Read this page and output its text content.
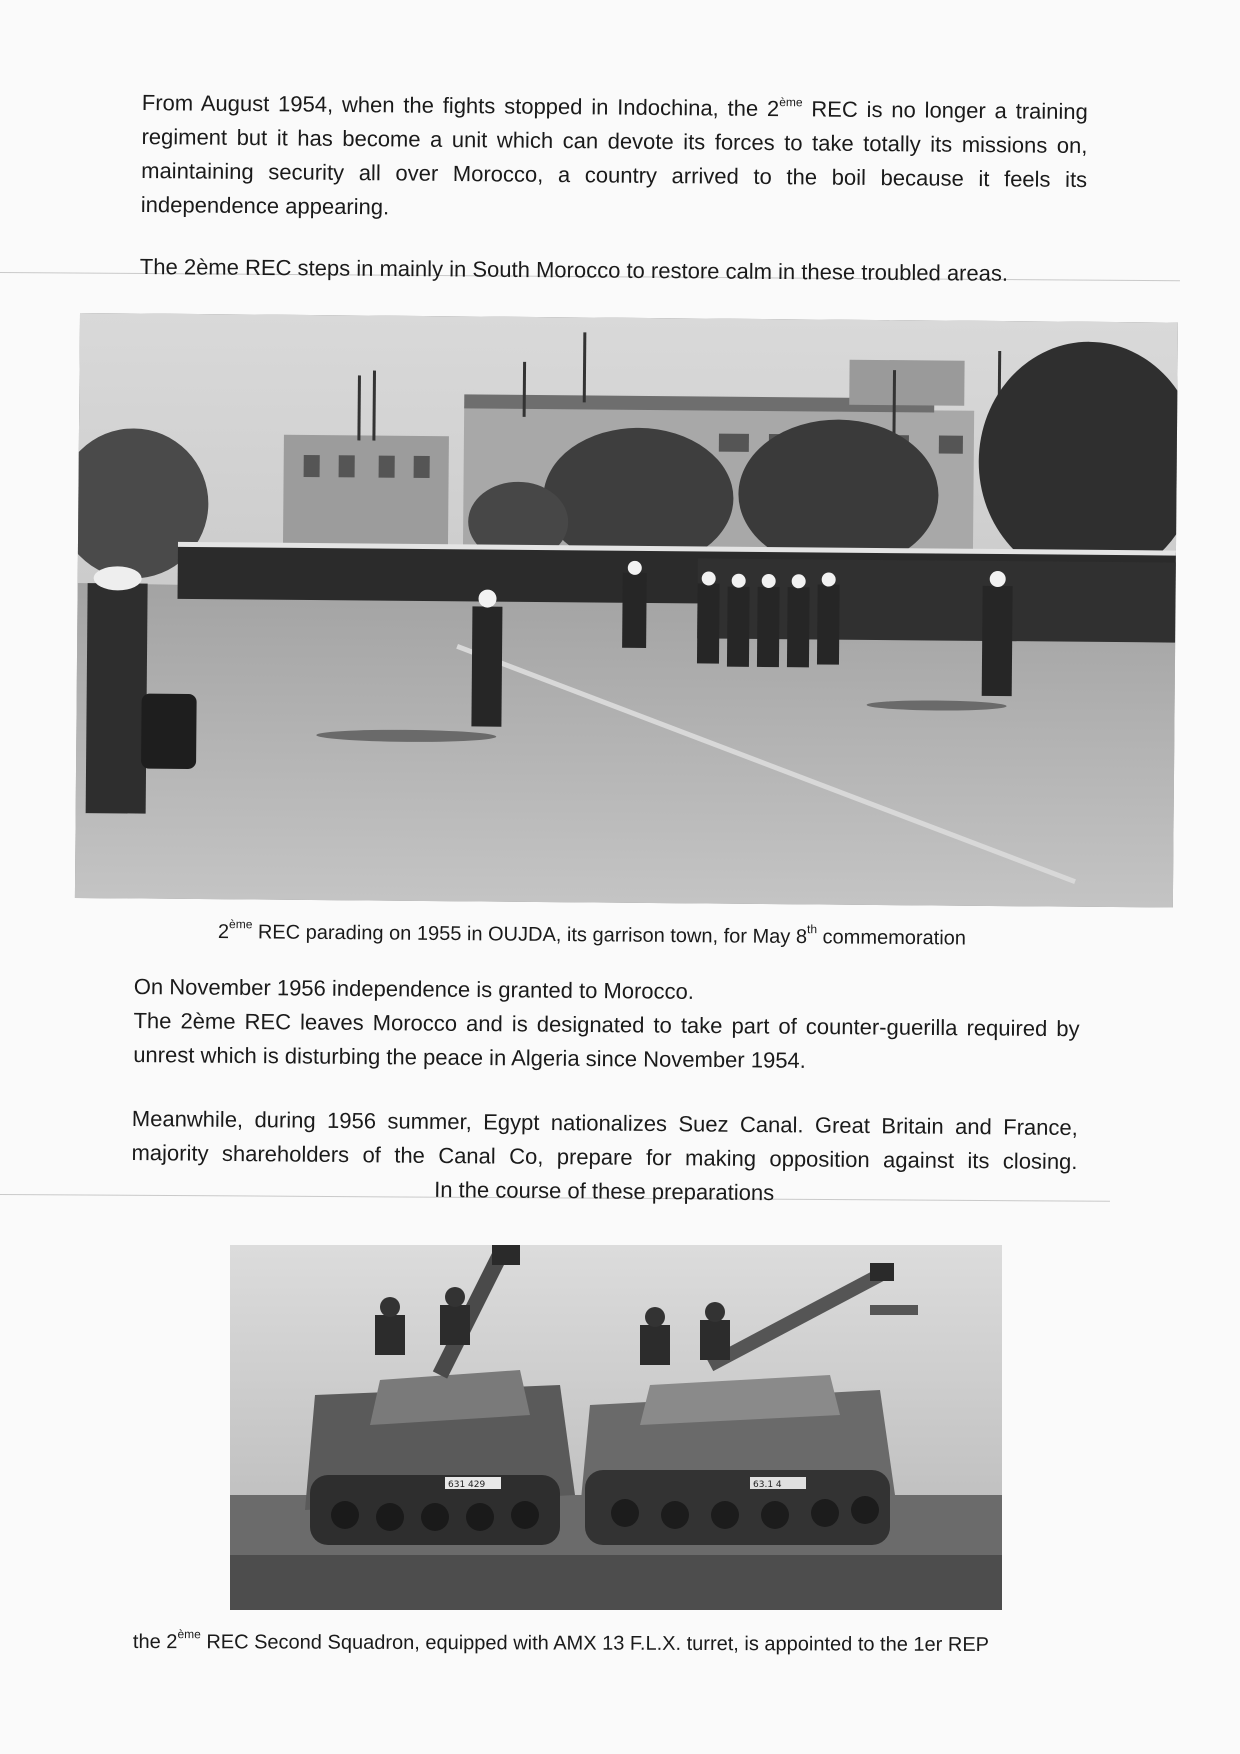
From August 1954, when the fights stopped in Indochina, the 2ème REC is no longer a training
regiment but it has become a unit which can devote its forces to take totally its missions on,
maintaining security all over Morocco, a country arrived to the boil because it feels its
independence appearing.
The 2ème REC steps in mainly in South Morocco to restore calm in these troubled areas.
2ème REC parading on 1955 in OUJDA, its garrison town, for May 8th commemoration
On November 1956 independence is granted to Morocco.
The 2ème REC leaves Morocco and is designated to take part of counter-guerilla required by
unrest which is disturbing the peace in Algeria since November 1954.
Meanwhile, during 1956 summer, Egypt nationalizes Suez Canal. Great Britain and France,
majority shareholders of the Canal Co, prepare for making opposition against its closing.
In the course of these preparations
631 429	63.1 4
the 2ème REC Second Squadron, equipped with AMX 13 F.L.X. turret, is appointed to the 1er REP
